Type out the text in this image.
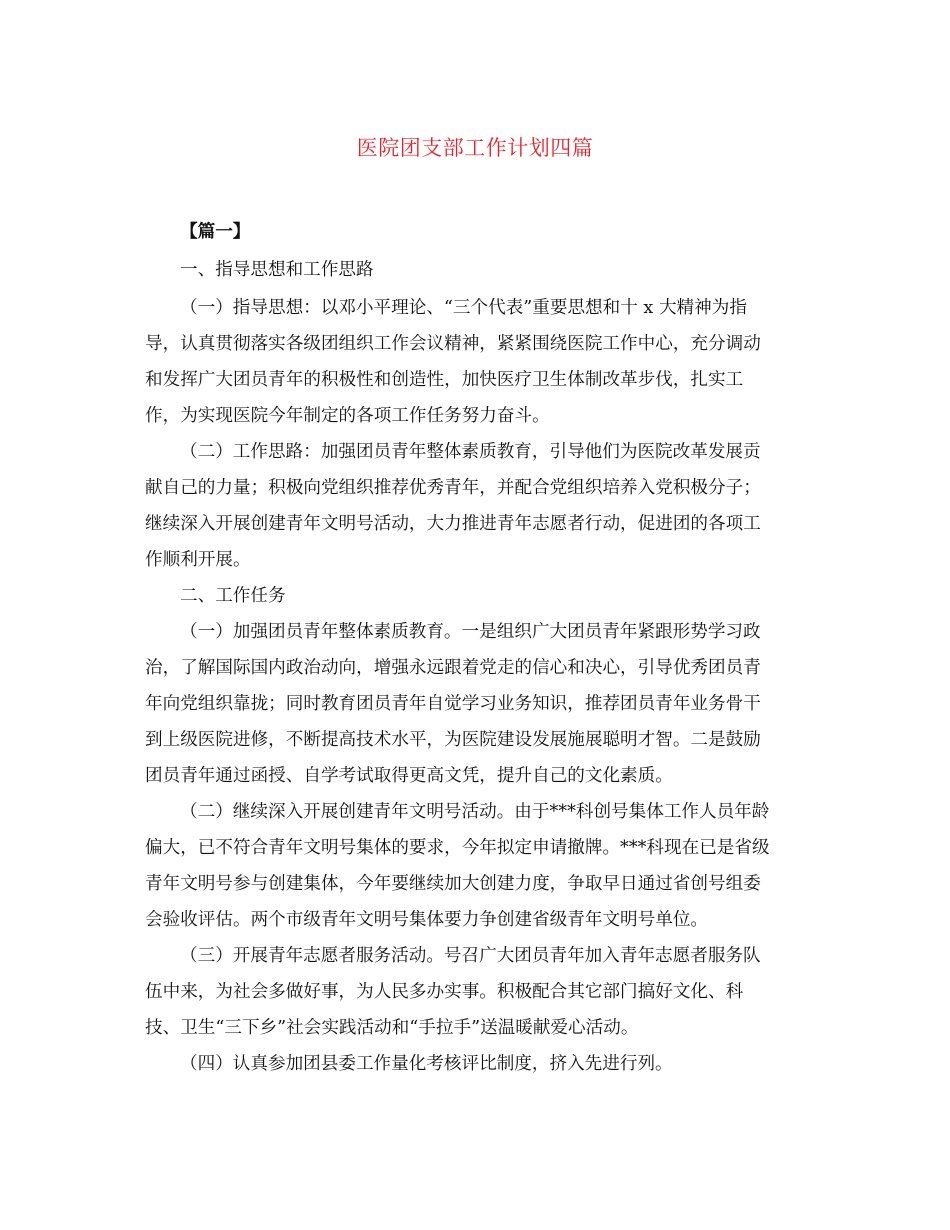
医院团支部工作计划四篇
【篇一】
一、指导思想和工作思路
（一）指导思想：以邓小平理论、“三个代表”重要思想和十 x 大精神为指
导，认真贯彻落实各级团组织工作会议精神，紧紧围绕医院工作中心，充分调动
和发挥广大团员青年的积极性和创造性，加快医疗卫生体制改革步伐，扎实工
作，为实现医院今年制定的各项工作任务努力奋斗。
（二）工作思路：加强团员青年整体素质教育，引导他们为医院改革发展贡
献自己的力量；积极向党组织推荐优秀青年，并配合党组织培养入党积极分子；
继续深入开展创建青年文明号活动，大力推进青年志愿者行动，促进团的各项工
作顺利开展。
二、工作任务
（一）加强团员青年整体素质教育。一是组织广大团员青年紧跟形势学习政
治，了解国际国内政治动向，增强永远跟着党走的信心和决心，引导优秀团员青
年向党组织靠拢；同时教育团员青年自觉学习业务知识，推荐团员青年业务骨干
到上级医院进修，不断提高技术水平，为医院建设发展施展聪明才智。二是鼓励
团员青年通过函授、自学考试取得更高文凭，提升自己的文化素质。
（二）继续深入开展创建青年文明号活动。由于***科创号集体工作人员年龄
偏大，已不符合青年文明号集体的要求，今年拟定申请撤牌。***科现在已是省级
青年文明号参与创建集体，今年要继续加大创建力度，争取早日通过省创号组委
会验收评估。两个市级青年文明号集体要力争创建省级青年文明号单位。
（三）开展青年志愿者服务活动。号召广大团员青年加入青年志愿者服务队
伍中来，为社会多做好事，为人民多办实事。积极配合其它部门搞好文化、科
技、卫生“三下乡”社会实践活动和“手拉手”送温暖献爱心活动。
（四）认真参加团县委工作量化考核评比制度，挤入先进行列。
